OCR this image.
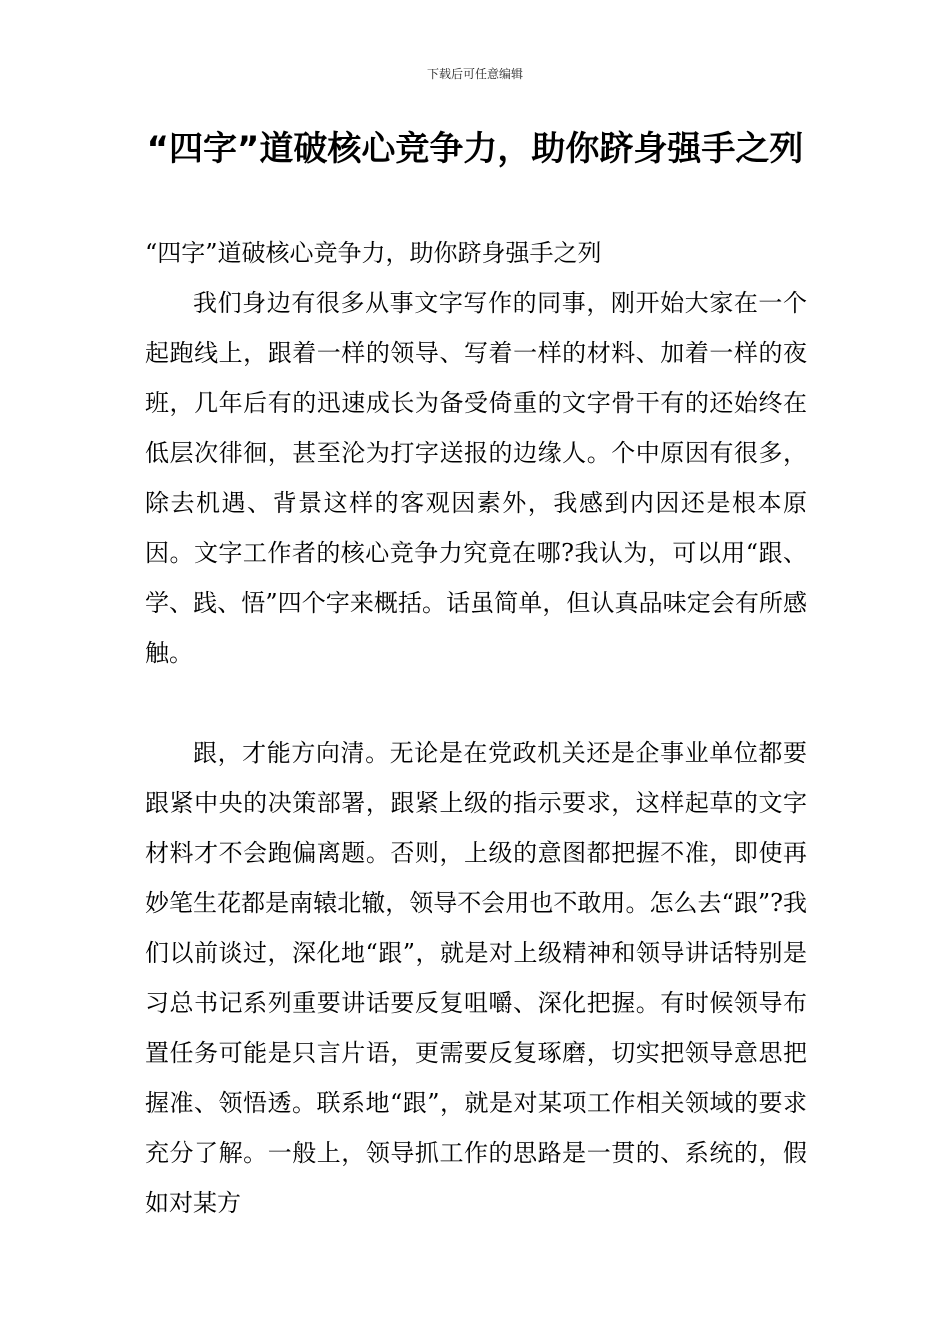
下载后可任意编辑
“四字”道破核心竞争力，助你跻身强手之列

“四字”道破核心竞争力，助你跻身强手之列

我们身边有很多从事文字写作的同事，刚开始大家在一个起跑线上，跟着一样的领导、写着一样的材料、加着一样的夜班，几年后有的迅速成长为备受倚重的文字骨干有的还始终在低层次徘徊，甚至沦为打字送报的边缘人。个中原因有很多，除去机遇、背景这样的客观因素外，我感到内因还是根本原因。文字工作者的核心竞争力究竟在哪?我认为，可以用“跟、学、践、悟”四个字来概括。话虽简单，但认真品味定会有所感触。

跟，才能方向清。无论是在党政机关还是企事业单位都要跟紧中央的决策部署，跟紧上级的指示要求，这样起草的文字材料才不会跑偏离题。否则，上级的意图都把握不准，即使再妙笔生花都是南辕北辙，领导不会用也不敢用。怎么去“跟”?我们以前谈过，深化地“跟”，就是对上级精神和领导讲话特别是习总书记系列重要讲话要反复咀嚼、深化把握。有时候领导布置任务可能是只言片语，更需要反复琢磨，切实把领导意思把握准、领悟透。联系地“跟”，就是对某项工作相关领域的要求充分了解。一般上，领导抓工作的思路是一贯的、系统的，假如对某方
